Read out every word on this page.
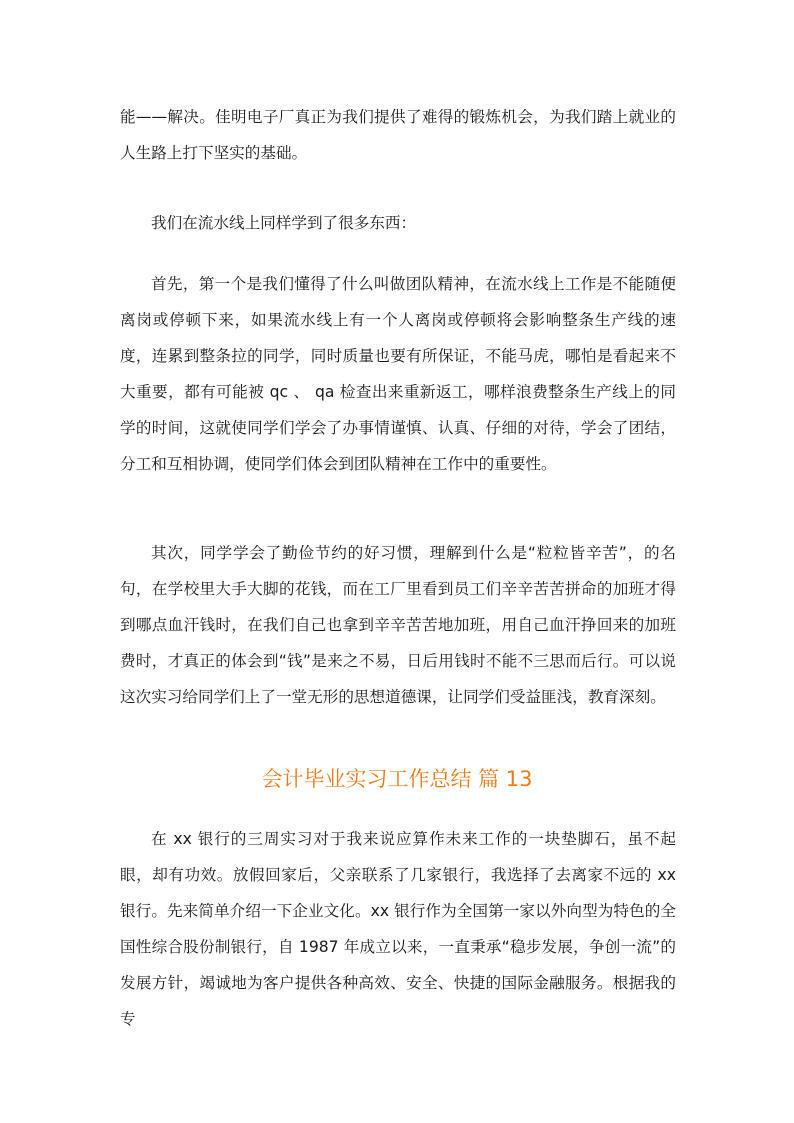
能——解决。佳明电子厂真正为我们提供了难得的锻炼机会，为我们踏上就业的人生路上打下坚实的基础。

我们在流水线上同样学到了很多东西：

首先，第一个是我们懂得了什么叫做团队精神，在流水线上工作是不能随便离岗或停顿下来，如果流水线上有一个人离岗或停顿将会影响整条生产线的速度，连累到整条拉的同学，同时质量也要有所保证，不能马虎，哪怕是看起来不大重要，都有可能被 qc 、 qa 检查出来重新返工，哪样浪费整条生产线上的同学的时间，这就使同学们学会了办事情谨慎、认真、仔细的对待，学会了团结，分工和互相协调，使同学们体会到团队精神在工作中的重要性。

其次，同学学会了勤俭节约的好习惯，理解到什么是“粒粒皆辛苦”，的名句，在学校里大手大脚的花钱，而在工厂里看到员工们辛辛苦苦拼命的加班才得到哪点血汗钱时，在我们自己也拿到辛辛苦苦地加班，用自己血汗挣回来的加班费时，才真正的体会到“钱”是来之不易，日后用钱时不能不三思而后行。可以说这次实习给同学们上了一堂无形的思想道德课，让同学们受益匪浅，教育深刻。

会计毕业实习工作总结 篇 13

在 xx 银行的三周实习对于我来说应算作未来工作的一块垫脚石，虽不起眼，却有功效。放假回家后，父亲联系了几家银行，我选择了去离家不远的 xx 银行。先来简单介绍一下企业文化。xx 银行作为全国第一家以外向型为特色的全国性综合股份制银行，自 1987 年成立以来，一直秉承“稳步发展，争创一流”的发展方针，竭诚地为客户提供各种高效、安全、快捷的国际金融服务。根据我的专
